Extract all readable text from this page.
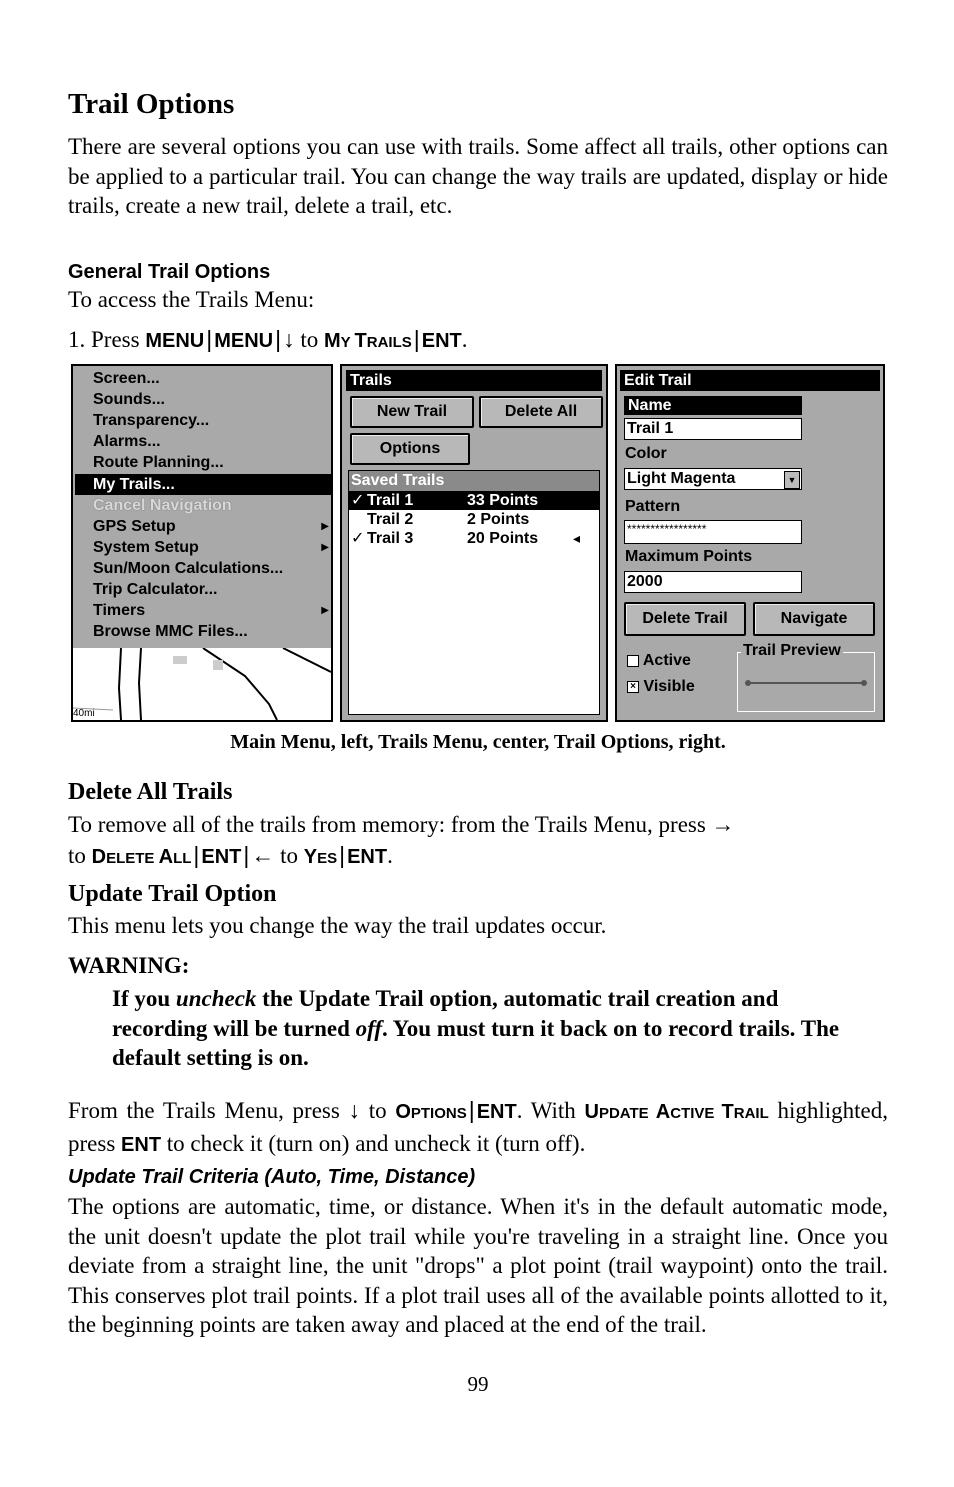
Trail Options

There are several options you can use with trails. Some affect all trails, other options can be applied to a particular trail. You can change the way trails are updated, display or hide trails, create a new trail, delete a trail, etc.

General Trail Options
To access the Trails Menu:
1. Press MENU| MENU|↓ to MY TRAILS| ENT.
Screen...
Sounds...
Transparency...
Alarms...
Route Planning...
My Trails...
Cancel Navigation
GPS Setup	▶
System Setup	▶
Sun/Moon Calculations...
Trip Calculator...
Timers	▶
Browse MMC Files...
40mi
Trails
New Trail	Delete All
Options
Saved Trails
✓ Trail 1	33 Points
Trail 2	2 Points
✓ Trail 3	20 Points ◂
Edit Trail
Name
Trail 1
Color
Light Magenta	▼
Pattern
*****************
Maximum Points
2000
Delete Trail	Navigate
Active
× Visible
Trail Preview
Main Menu, left, Trails Menu, center, Trail Options, right.
Delete All Trails
To remove all of the trails from memory: from the Trails Menu, press →
to DELETE ALL| ENT|← to YES| ENT.
Update Trail Option
This menu lets you change the way the trail updates occur.
WARNING:
If you uncheck the Update Trail option, automatic trail creation and recording will be turned off. You must turn it back on to record trails. The default setting is on.

From the Trails Menu, press ↓ to OPTIONS| ENT. With UPDATE ACTIVE TRAIL highlighted, press ENT to check it (turn on) and uncheck it (turn off).

Update Trail Criteria (Auto, Time, Distance)

The options are automatic, time, or distance. When it's in the default automatic mode, the unit doesn't update the plot trail while you're traveling in a straight line. Once you deviate from a straight line, the unit "drops" a plot point (trail waypoint) onto the trail. This conserves plot trail points. If a plot trail uses all of the available points allotted to it, the beginning points are taken away and placed at the end of the trail.

99
